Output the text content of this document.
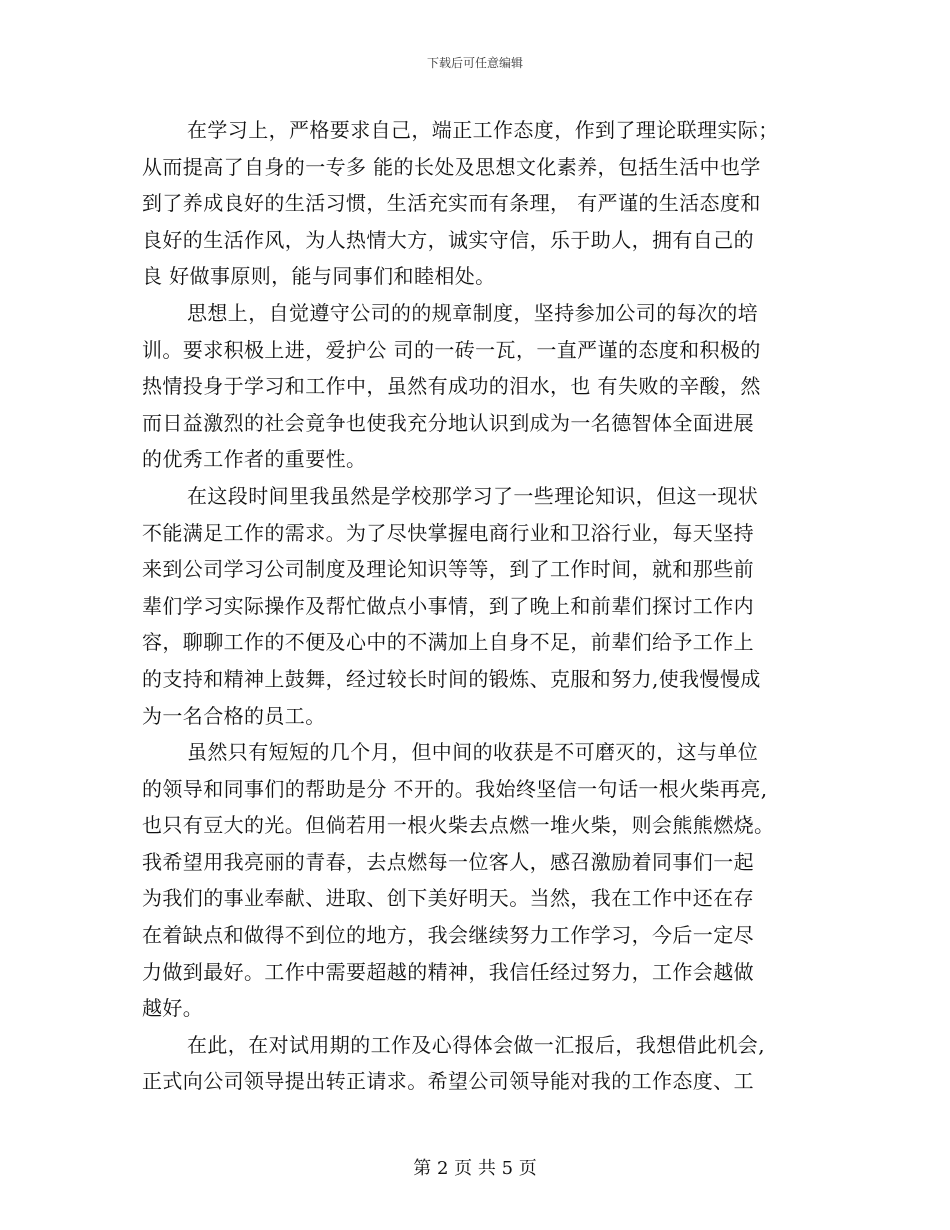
下载后可任意编辑
在学习上，严格要求自己，端正工作态度，作到了理论联理实际；
从而提高了自身的一专多 能的长处及思想文化素养，包括生活中也学
到了养成良好的生活习惯，生活充实而有条理， 有严谨的生活态度和
良好的生活作风，为人热情大方，诚实守信，乐于助人，拥有自己的
良 好做事原则，能与同事们和睦相处。
思想上，自觉遵守公司的的规章制度，坚持参加公司的每次的培
训。要求积极上进，爱护公 司的一砖一瓦，一直严谨的态度和积极的
热情投身于学习和工作中，虽然有成功的泪水，也 有失败的辛酸，然
而日益激烈的社会竟争也使我充分地认识到成为一名德智体全面进展
的优秀工作者的重要性。
在这段时间里我虽然是学校那学习了一些理论知识，但这一现状
不能满足工作的需求。为了尽快掌握电商行业和卫浴行业，每天坚持
来到公司学习公司制度及理论知识等等，到了工作时间，就和那些前
辈们学习实际操作及帮忙做点小事情，到了晚上和前辈们探讨工作内
容，聊聊工作的不便及心中的不满加上自身不足，前辈们给予工作上
的支持和精神上鼓舞，经过较长时间的锻炼、克服和努力,使我慢慢成
为一名合格的员工。
虽然只有短短的几个月，但中间的收获是不可磨灭的，这与单位
的领导和同事们的帮助是分 不开的。我始终坚信一句话一根火柴再亮,
也只有豆大的光。但倘若用一根火柴去点燃一堆火柴，则会熊熊燃烧。
我希望用我亮丽的青春，去点燃每一位客人，感召激励着同事们一起
为我们的事业奉献、进取、创下美好明天。当然，我在工作中还在存
在着缺点和做得不到位的地方，我会继续努力工作学习，今后一定尽
力做到最好。工作中需要超越的精神，我信任经过努力，工作会越做
越好。
在此，在对试用期的工作及心得体会做一汇报后，我想借此机会,
正式向公司领导提出转正请求。希望公司领导能对我的工作态度、工
第 2 页 共 5 页
